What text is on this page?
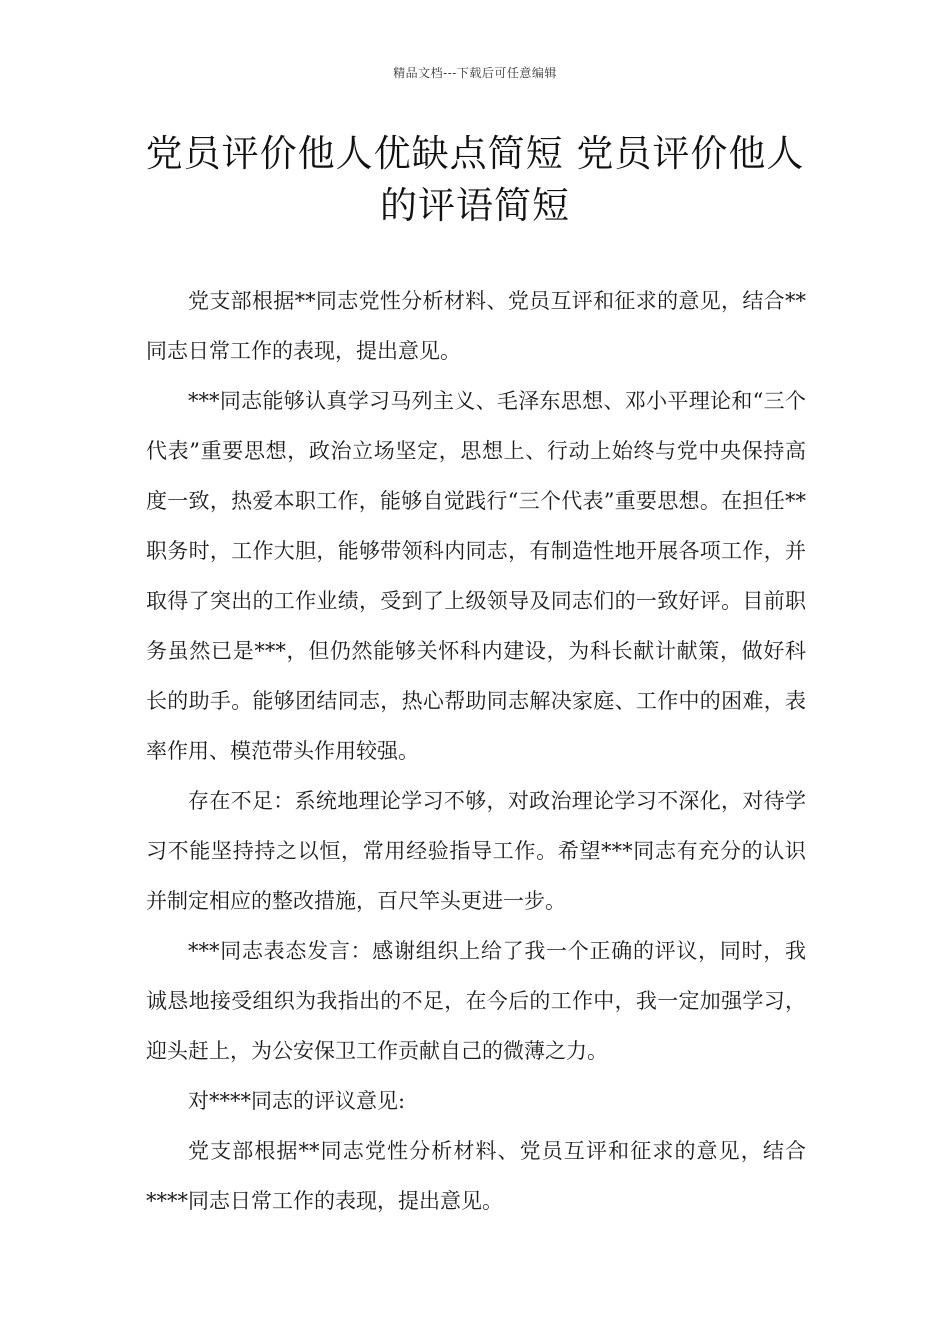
精品文档---下载后可任意编辑
党员评价他人优缺点简短 党员评价他人的评语简短

党支部根据**同志党性分析材料、党员互评和征求的意见，结合**同志日常工作的表现，提出意见。

***同志能够认真学习马列主义、毛泽东思想、邓小平理论和“三个代表”重要思想，政治立场坚定，思想上、行动上始终与党中央保持高度一致，热爱本职工作，能够自觉践行“三个代表”重要思想。在担任**职务时，工作大胆，能够带领科内同志，有制造性地开展各项工作，并取得了突出的工作业绩，受到了上级领导及同志们的一致好评。目前职务虽然已是***，但仍然能够关怀科内建设，为科长献计献策，做好科长的助手。能够团结同志，热心帮助同志解决家庭、工作中的困难，表率作用、模范带头作用较强。

存在不足：系统地理论学习不够，对政治理论学习不深化，对待学习不能坚持持之以恒，常用经验指导工作。希望***同志有充分的认识并制定相应的整改措施，百尺竿头更进一步。

***同志表态发言：感谢组织上给了我一个正确的评议，同时，我诚恳地接受组织为我指出的不足，在今后的工作中，我一定加强学习，迎头赶上，为公安保卫工作贡献自己的微薄之力。

对****同志的评议意见:

党支部根据**同志党性分析材料、党员互评和征求的意见，结合****同志日常工作的表现，提出意见。
